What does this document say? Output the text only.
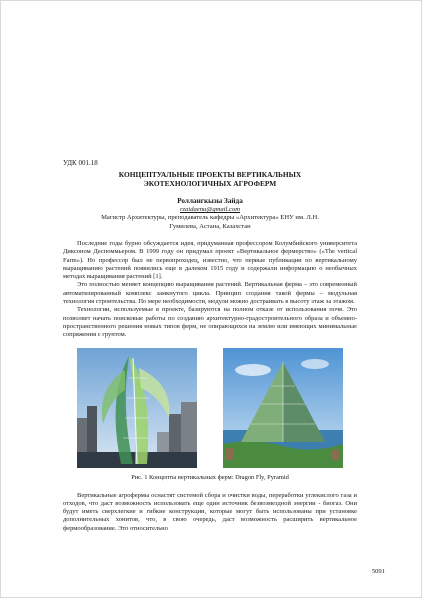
УДК 001.18

КОНЦЕПТУАЛЬНЫЕ ПРОЕКТЫ ВЕРТИКАЛЬНЫХ

ЭКОТЕХНОЛОГИЧНЫХ АГРОФЕРМ

Роллангкызы Зайда

rzaidaenu@gmail.com

Магистр Архитектуры, преподаватель кафедры «Архитектура» ЕНУ им. Л.Н.

Гумилева, Астана, Казахстан

Последние годы бурно обсуждается идея, придуманная профессором Колумбийского университета Диксоном Деспоммьером. В 1999 году он придумал проект «Вертикальное фермерство» («The vertical Farm»). Но профессор был не первопроходец, известно, что первые публикации по вертикальному выращиванию растений появились еще в далеком 1915 году и содержали информацию о необычных методах выращивания растений [1].

Это полностью меняет концепцию выращивания растений. Вертикальная ферма – это современный автоматизированный комплекс замкнутого цикла. Принцип создания такой фермы – модульная технология строительства. По мере необходимости, модули можно достраивать в высоту этаж за этажом.

Технологии, используемые в проекте, базируются на полном отказе от использования почв. Это позволяет начать поисковые работы по созданию архитектурно-градостроительного образа и объемно-пространственного решения новых типов ферм, не опирающихся на землю или имеющих минимальные сопряжения с грунтом.

Рис. 1 Концепты вертикальных ферм: Dragon Fly, Pyramid

Вертикальные агрофермы оснастят системой сбора и очистки воды, переработки углекислого газа и отходов, что даст возможность использовать еще один источник безвозмездной энергии - биогаз. Они будут иметь сверхлегкие и гибкие конструкции, которые могут быть использованы при установке дополнительных хонитов, что, в свою очередь, даст возможность расширить вертикальное фермообразование. Это относительно

5091
